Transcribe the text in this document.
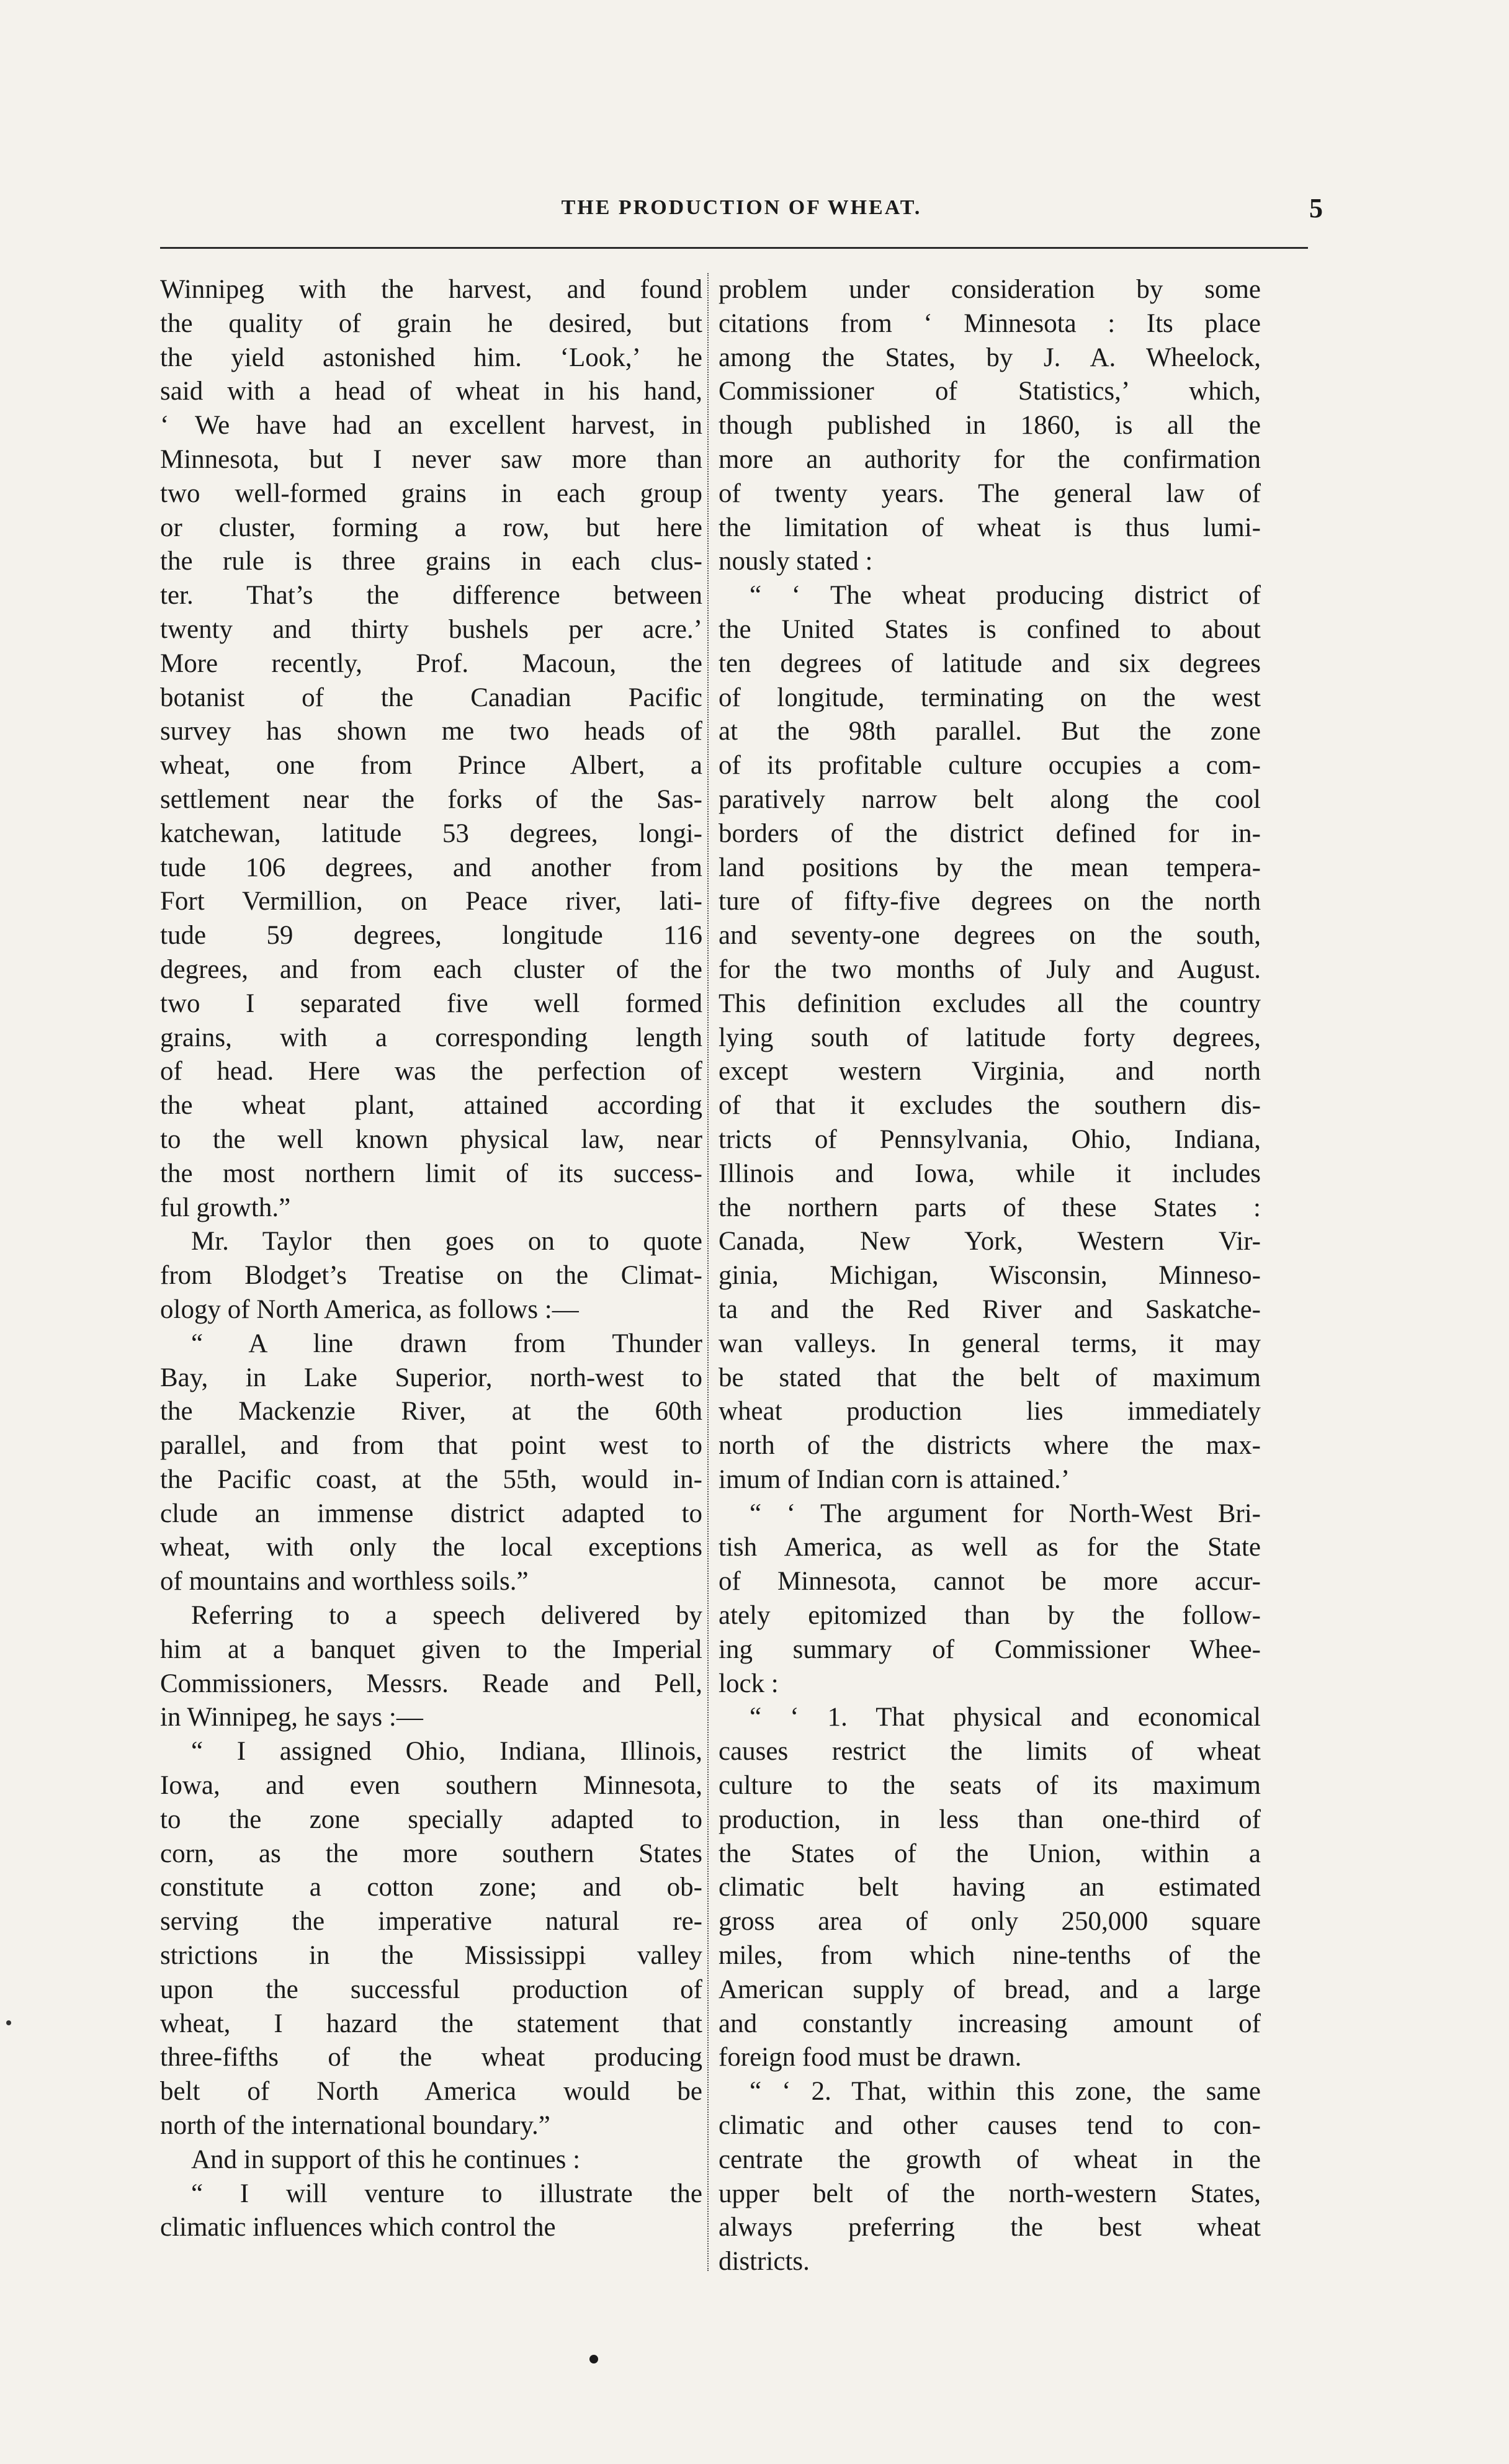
THE PRODUCTION OF WHEAT.	5
Winnipeg with the harvest, and found
the quality of grain he desired, but
the yield astonished him. ‘Look,’ he
said with a head of wheat in his hand,
‘ We have had an excellent harvest, in
Minnesota, but I never saw more than
two well-formed grains in each group
or cluster, forming a row, but here
the rule is three grains in each clus-
ter. That’s the difference between
twenty and thirty bushels per acre.’
More recently, Prof. Macoun, the
botanist of the Canadian Pacific
survey has shown me two heads of
wheat, one from Prince Albert, a
settlement near the forks of the Sas-
katchewan, latitude 53 degrees, longi-
tude 106 degrees, and another from
Fort Vermillion, on Peace river, lati-
tude 59 degrees, longitude 116
degrees, and from each cluster of the
two I separated five well formed
grains, with a corresponding length
of head. Here was the perfection of
the wheat plant, attained according
to the well known physical law, near
the most northern limit of its success-
ful growth.”
Mr. Taylor then goes on to quote
from Blodget’s Treatise on the Climat-
ology of North America, as follows :—
“ A line drawn from Thunder
Bay, in Lake Superior, north-west to
the Mackenzie River, at the 60th
parallel, and from that point west to
the Pacific coast, at the 55th, would in-
clude an immense district adapted to
wheat, with only the local exceptions
of mountains and worthless soils.”
Referring to a speech delivered by
him at a banquet given to the Imperial
Commissioners, Messrs. Reade and Pell,
in Winnipeg, he says :—
“ I assigned Ohio, Indiana, Illinois,
Iowa, and even southern Minnesota,
to the zone specially adapted to
corn, as the more southern States
constitute a cotton zone; and ob-
serving the imperative natural re-
strictions in the Mississippi valley
upon the successful production of
wheat, I hazard the statement that
three-fifths of the wheat producing
belt of North America would be
north of the international boundary.”
And in support of this he continues :
“ I will venture to illustrate the
climatic influences which control the
problem under consideration by some
citations from ‘ Minnesota : Its place
among the States, by J. A. Wheelock,
Commissioner of Statistics,’ which,
though published in 1860, is all the
more an authority for the confirmation
of twenty years. The general law of
the limitation of wheat is thus lumi-
nously stated :
“ ‘ The wheat producing district of
the United States is confined to about
ten degrees of latitude and six degrees
of longitude, terminating on the west
at the 98th parallel. But the zone
of its profitable culture occupies a com-
paratively narrow belt along the cool
borders of the district defined for in-
land positions by the mean tempera-
ture of fifty-five degrees on the north
and seventy-one degrees on the south,
for the two months of July and August.
This definition excludes all the country
lying south of latitude forty degrees,
except western Virginia, and north
of that it excludes the southern dis-
tricts of Pennsylvania, Ohio, Indiana,
Illinois and Iowa, while it includes
the northern parts of these States :
Canada, New York, Western Vir-
ginia, Michigan, Wisconsin, Minneso-
ta and the Red River and Saskatche-
wan valleys. In general terms, it may
be stated that the belt of maximum
wheat production lies immediately
north of the districts where the max-
imum of Indian corn is attained.’
“ ‘ The argument for North-West Bri-
tish America, as well as for the State
of Minnesota, cannot be more accur-
ately epitomized than by the follow-
ing summary of Commissioner Whee-
lock :
“ ‘ 1. That physical and economical
causes restrict the limits of wheat
culture to the seats of its maximum
production, in less than one-third of
the States of the Union, within a
climatic belt having an estimated
gross area of only 250,000 square
miles, from which nine-tenths of the
American supply of bread, and a large
and constantly increasing amount of
foreign food must be drawn.
“ ‘ 2. That, within this zone, the same
climatic and other causes tend to con-
centrate the growth of wheat in the
upper belt of the north-western States,
always preferring the best wheat
districts.
